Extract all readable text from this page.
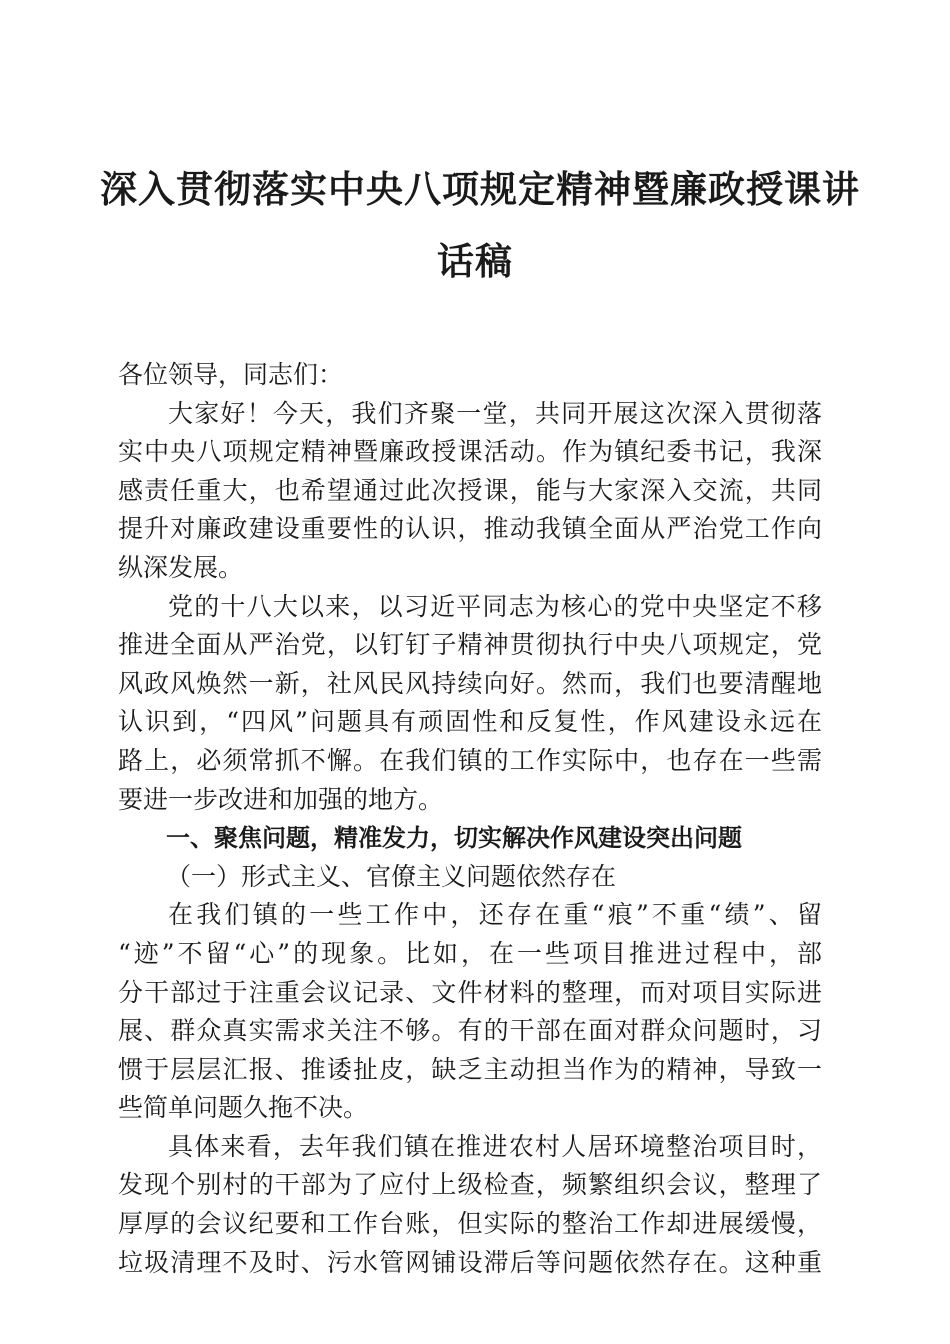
深入贯彻落实中央八项规定精神暨廉政授课讲
话稿
各位领导，同志们：
大家好！今天，我们齐聚一堂，共同开展这次深入贯彻落
实中央八项规定精神暨廉政授课活动。作为镇纪委书记，我深
感责任重大，也希望通过此次授课，能与大家深入交流，共同
提升对廉政建设重要性的认识，推动我镇全面从严治党工作向
纵深发展。
党的十八大以来，以习近平同志为核心的党中央坚定不移
推进全面从严治党，以钉钉子精神贯彻执行中央八项规定，党
风政风焕然一新，社风民风持续向好。然而，我们也要清醒地
认识到，“四风”问题具有顽固性和反复性，作风建设永远在
路上，必须常抓不懈。在我们镇的工作实际中，也存在一些需
要进一步改进和加强的地方。
一、聚焦问题，精准发力，切实解决作风建设突出问题
（一）形式主义、官僚主义问题依然存在
在我们镇的一些工作中，还存在重“痕”不重“绩”、留
“迹”不留“心”的现象。比如，在一些项目推进过程中，部
分干部过于注重会议记录、文件材料的整理，而对项目实际进
展、群众真实需求关注不够。有的干部在面对群众问题时，习
惯于层层汇报、推诿扯皮，缺乏主动担当作为的精神，导致一
些简单问题久拖不决。
具体来看，去年我们镇在推进农村人居环境整治项目时，
发现个别村的干部为了应付上级检查，频繁组织会议，整理了
厚厚的会议纪要和工作台账，但实际的整治工作却进展缓慢，
垃圾清理不及时、污水管网铺设滞后等问题依然存在。这种重
